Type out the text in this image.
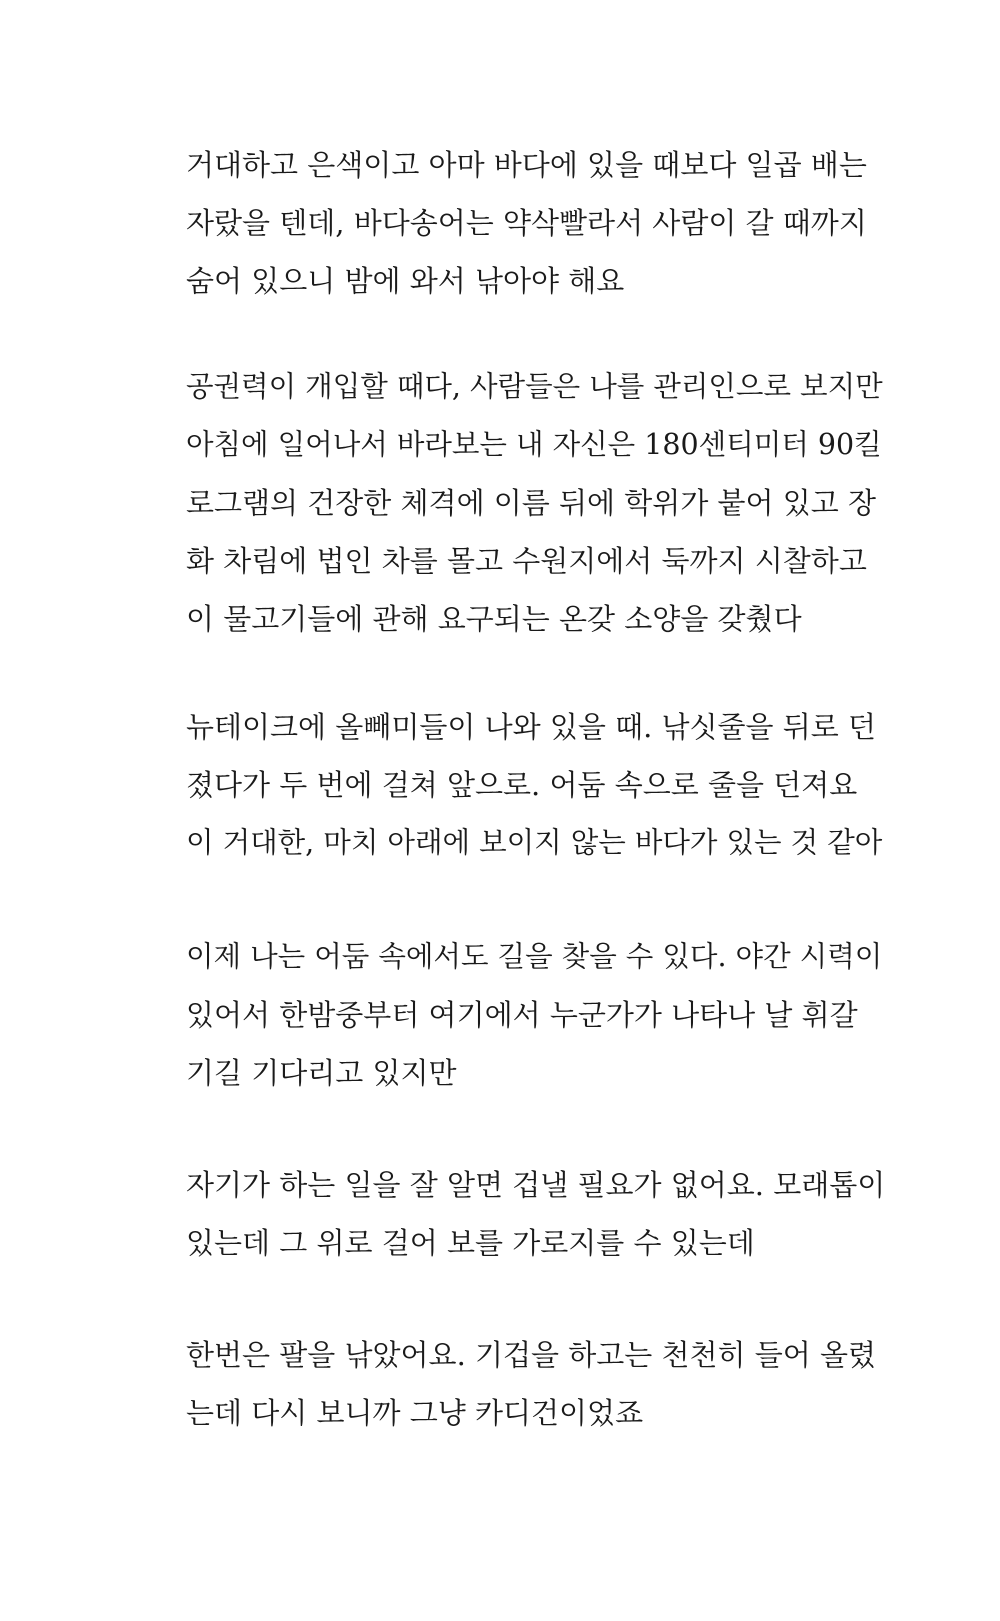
거대하고 은색이고 아마 바다에 있을 때보다 일곱 배는
자랐을 텐데, 바다송어는 약삭빨라서 사람이 갈 때까지
숨어 있으니 밤에 와서 낚아야 해요

공권력이 개입할 때다, 사람들은 나를 관리인으로 보지만
아침에 일어나서 바라보는 내 자신은 180센티미터 90킬
로그램의 건장한 체격에 이름 뒤에 학위가 붙어 있고 장
화 차림에 법인 차를 몰고 수원지에서 둑까지 시찰하고
이 물고기들에 관해 요구되는 온갖 소양을 갖췄다

뉴테이크에 올빼미들이 나와 있을 때. 낚싯줄을 뒤로 던
졌다가 두 번에 걸쳐 앞으로. 어둠 속으로 줄을 던져요
이 거대한, 마치 아래에 보이지 않는 바다가 있는 것 같아

이제 나는 어둠 속에서도 길을 찾을 수 있다. 야간 시력이
있어서 한밤중부터 여기에서 누군가가 나타나 날 휘갈
기길 기다리고 있지만

자기가 하는 일을 잘 알면 겁낼 필요가 없어요. 모래톱이
있는데 그 위로 걸어 보를 가로지를 수 있는데

한번은 팔을 낚았어요. 기겁을 하고는 천천히 들어 올렸
는데 다시 보니까 그냥 카디건이었죠
